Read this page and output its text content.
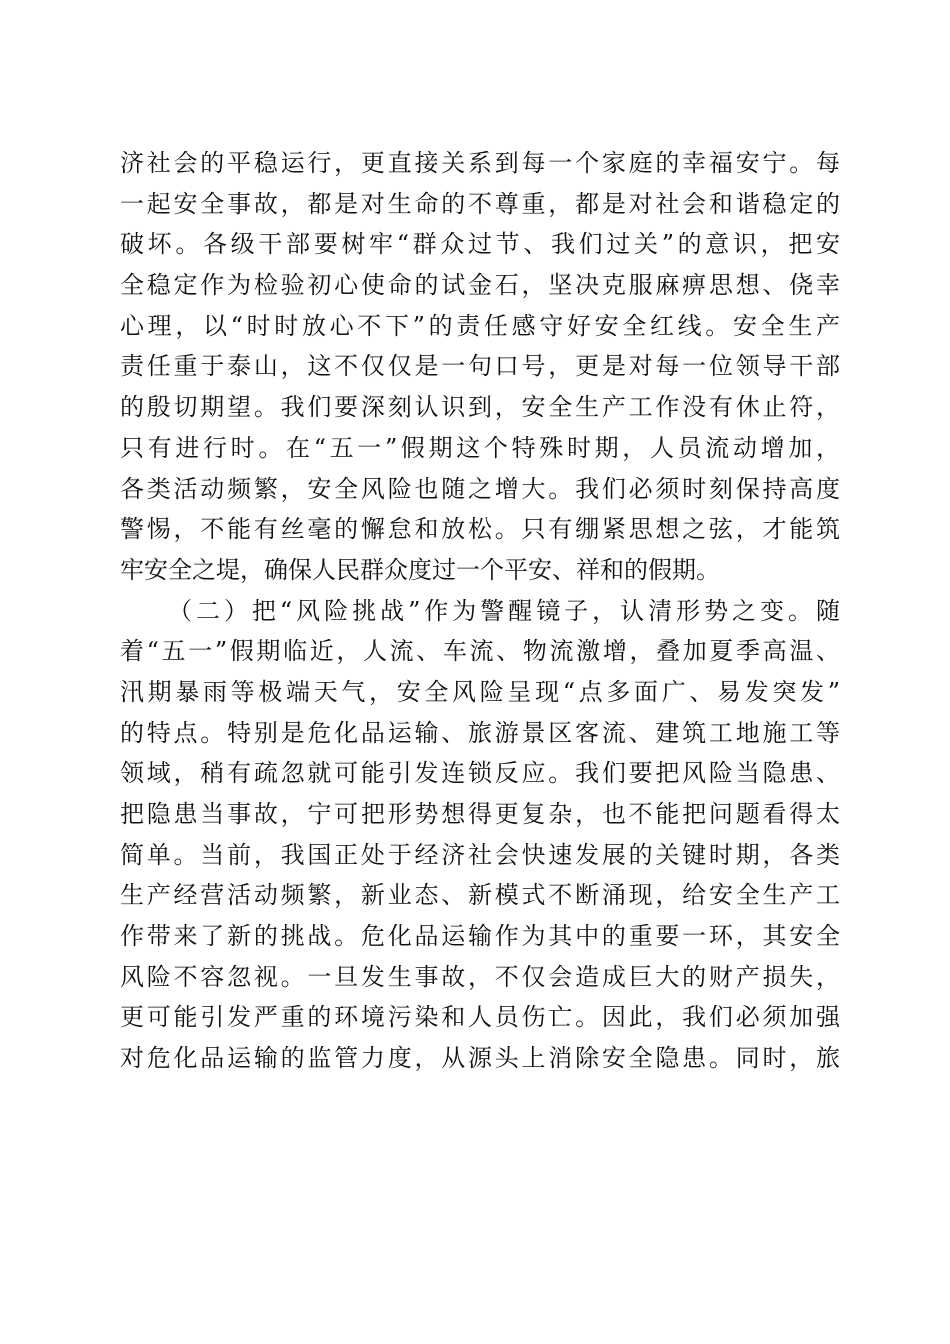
济社会的平稳运行，更直接关系到每一个家庭的幸福安宁。每
一起安全事故，都是对生命的不尊重，都是对社会和谐稳定的
破坏。各级干部要树牢“群众过节、我们过关”的意识，把安
全稳定作为检验初心使命的试金石，坚决克服麻痹思想、侥幸
心理，以“时时放心不下”的责任感守好安全红线。安全生产
责任重于泰山，这不仅仅是一句口号，更是对每一位领导干部
的殷切期望。我们要深刻认识到，安全生产工作没有休止符，
只有进行时。在“五一”假期这个特殊时期，人员流动增加，
各类活动频繁，安全风险也随之增大。我们必须时刻保持高度
警惕，不能有丝毫的懈怠和放松。只有绷紧思想之弦，才能筑
牢安全之堤，确保人民群众度过一个平安、祥和的假期。
（二）把“风险挑战”作为警醒镜子，认清形势之变。随
着“五一”假期临近，人流、车流、物流激增，叠加夏季高温、
汛期暴雨等极端天气，安全风险呈现“点多面广、易发突发”
的特点。特别是危化品运输、旅游景区客流、建筑工地施工等
领域，稍有疏忽就可能引发连锁反应。我们要把风险当隐患、
把隐患当事故，宁可把形势想得更复杂，也不能把问题看得太
简单。当前，我国正处于经济社会快速发展的关键时期，各类
生产经营活动频繁，新业态、新模式不断涌现，给安全生产工
作带来了新的挑战。危化品运输作为其中的重要一环，其安全
风险不容忽视。一旦发生事故，不仅会造成巨大的财产损失，
更可能引发严重的环境污染和人员伤亡。因此，我们必须加强
对危化品运输的监管力度，从源头上消除安全隐患。同时，旅
